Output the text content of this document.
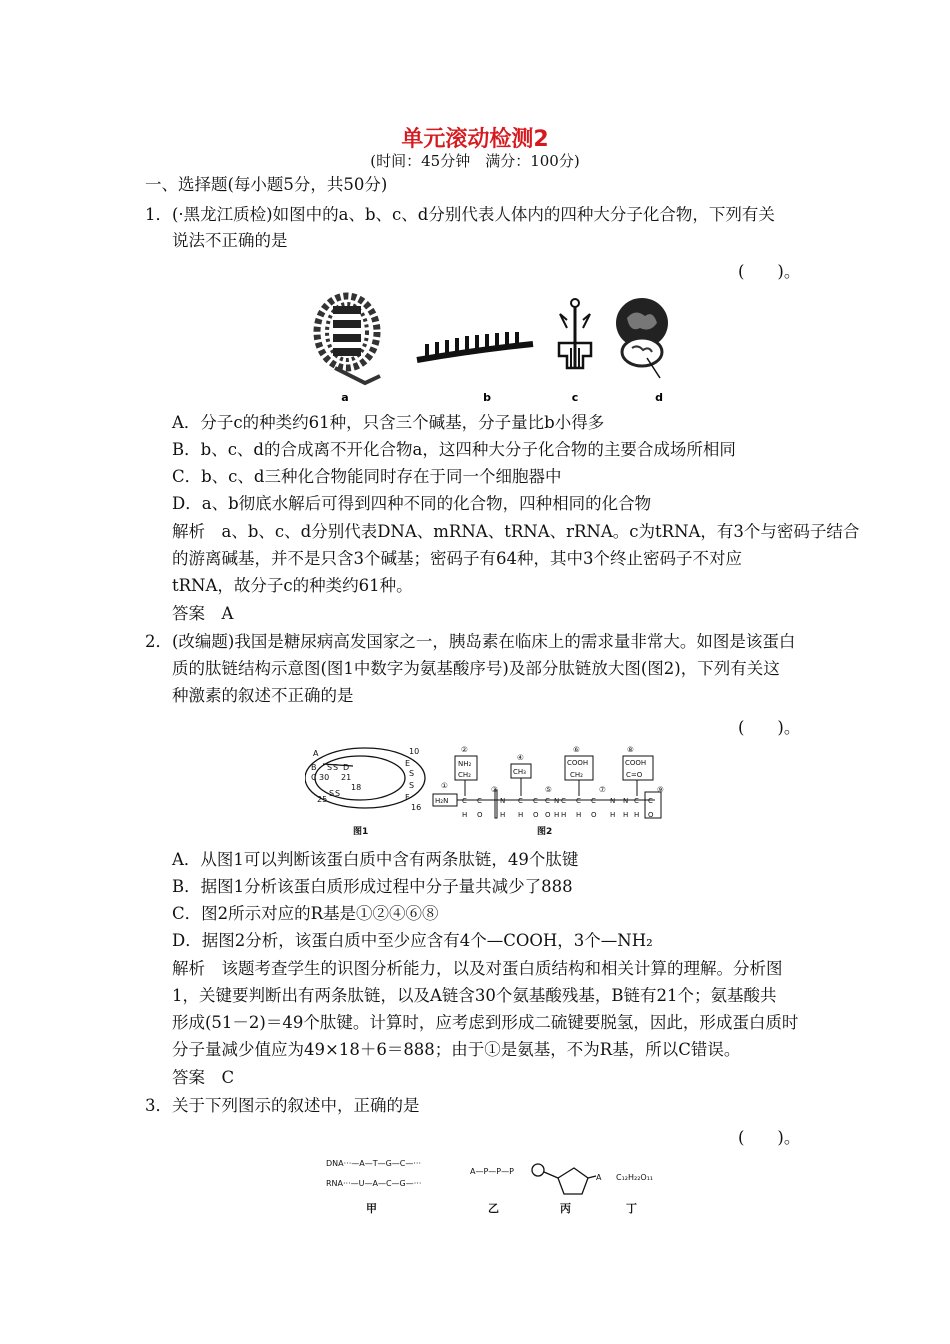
单元滚动检测2
(时间：45分钟　满分：100分)
一、选择题(每小题5分，共50分)
1． (·黑龙江质检)如图中的a、b、c、d分别代表人体内的四种大分子化合物，下列有关
说法不正确的是
(　　)。
a	b	c	d
A．分子c的种类约61种，只含三个碱基，分子量比b小得多
B．b、c、d的合成离不开化合物a，这四种大分子化合物的主要合成场所相同
C．b、c、d三种化合物能同时存在于同一个细胞器中
D．a、b彻底水解后可得到四种不同的化合物，四种相同的化合物
解析　a、b、c、d分别代表DNA、mRNA、tRNA、rRNA。c为tRNA，有3个与密码子结合
的游离碱基，并不是只含3个碱基；密码子有64种，其中3个终止密码子不对应
tRNA，故分子c的种类约61种。
答案　A
2． (改编题)我国是糖尿病高发国家之一，胰岛素在临床上的需求量非常大。如图是该蛋白
质的肽链结构示意图(图1中数字为氨基酸序号)及部分肽链放大图(图2)，下列有关这
种激素的叙述不正确的是
(　　)。
A
B
30
D
21
18
25
10
E
16
F
C
S S
S S
S
S
图1
②
④
⑥	⑧
①	③	⑤	⑦	⑨
NH₂
CH₂	CH₃
COOH
CH₂
COOH
C=O
H₂N C C	N C C N C C N	C C
N
C
C
H O H	O
H	O
H
O	H	O
H	H
H
H
图2
A．从图1可以判断该蛋白质中含有两条肽链，49个肽键
B．据图1分析该蛋白质形成过程中分子量共减少了888
C．图2所示对应的R基是①②④⑥⑧
D．据图2分析，该蛋白质中至少应含有4个—COOH，3个—NH₂
解析　该题考查学生的识图分析能力，以及对蛋白质结构和相关计算的理解。分析图
1，关键要判断出有两条肽链，以及A链含30个氨基酸残基，B链有21个；氨基酸共
形成(51－2)＝49个肽键。计算时，应考虑到形成二硫键要脱氢，因此，形成蛋白质时
分子量减少值应为49×18＋6＝888；由于①是氨基，不为R基，所以C错误。
答案　C
3． 关于下列图示的叙述中，正确的是
(　　)。
DNA···—A—T—G—C—···
RNA···—U—A—C—G—···
A—P—P—P
A C₁₂H₂₂O₁₁
甲	乙	丙	丁
